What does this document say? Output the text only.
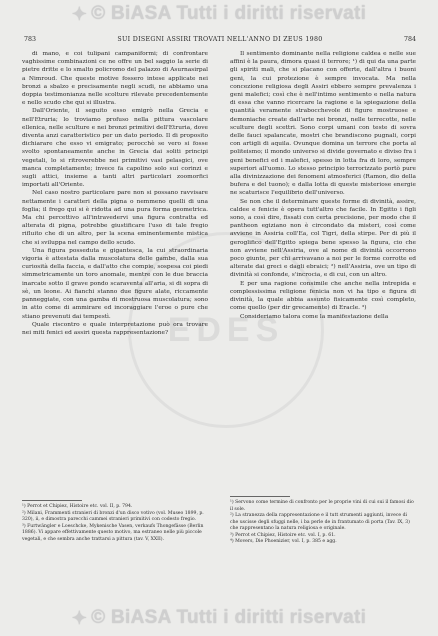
✦ © BiASA Tutti i diritti riservati
EDES
783	SUI DISEGNI ASSIRI TROVATI NELL'ANNO DI ZEUS 1980	784

di mano, e coi tulipani campaniformi; di confrontare vaghissime combinazioni ce ne offre un bel saggio la serie di pietre dritte e lo smalto policromo del palazzo di Asurnasirpal a Nimroud. Che queste motive fossero intese applicate nei bronzi a sbalzo e precisamente negli scudi, ne abbiamo una doppia testimonianza nelle scolture rilevate precedentemente e nello scudo che qui si illustra.

Dall'Oriente, il seguito esso emigrò nella Grecia e nell'Etruria; lo troviamo profuso nella pittura vascolare ellenica, nelle sculture e nei bronzi primitivi dell'Etruria, dove diventa anzi caratteristico per un dato periodo. Il di proposito dichiarare che esso vi emigrato; perocchè se vero si fosse svolto spontaneamente anche in Grecia dai soliti principi vegetali, lo si ritroverebbe nei primitivi vasi pelasgici, ove manca completamente; invece fa capolino solo sui corinzi e sugli attici, insieme a tanti altri particolari zoomorfici importati all'Oriente.

Nel caso nostro particolare pare non si possano ravvisare nettamente i caratteri della pigna o nemmeno quelli di una foglia; il frego qui si è ridotta ad una pura forma geometrica. Ma chi percettivo all'intravedervi una figura contratta ed alterata di pigna, potrebbe giustificare l'uso di tale fregio rifluito che di un altro, per la scena eminentemente mistica che si sviluppa nel campo dello scudo.

Una figura posseduta e gigantesca, la cui straordinaria vigoria è attestata dalla muscolatura delle gambe, dalla sua curiosità della faccia, e dall'atto che compie, sospesa coi piedi simmetricamente un toro anomale, mentre con le due braccia inarcate sotto il grave pondo scaraventa all'aria, si di sopra di sè, un leone. Ai fianchi stanno due figure alate, riccamente panneggiate, con una gamba di mostruosa muscolatura; sono in atto come di ammirare ed incoraggiare l'eroe o pure che stiano prevenuti dai tempestì.

Quale riscontro e quale interpretazione può ora trovare nei miti fenici ed assiri questa rappresentazione?

Il sentimento dominante nella religione caldea e nelle sue affini è la paura, dimora quasi il terrore; ¹) di qui da una parte gli spiriti mali, che si placano con offerte, dall'altra i buoni geni, la cui protezione è sempre invocata. Ma nella concezione religiosa degli Assiri ebbero sempre prevalenza i geni malefici; così che è nell'intimo sentimento e nella natura di essa che vanno ricercare la ragione e la spiegazione della quantità veramente strabocchevole di figure mostruose e demoniache create dall'arte nei bronzi, nelle terrecotte, nelle sculture degli scettri. Sono corpi umani con teste di sovra delle fauci spalancate, mostri che brandiscono pugnali, corpi con artigli di aquila. Ovunque domina un terrore che porta al politeismo; il mondo universo si divide governato e diviso fra i geni benefici ed i malefici, spesso in lotta fra di loro, sempre superiori all'uomo. Lo stesso principio terrorizzato portò pure alla divinizzazione dei fenomeni atmosferici (Ramon, dio della bufera e del tuono); e dalla lotta di queste misteriose energie ne scaturisce l'equilibrio dell'universo.

Se non che il determinare queste forme di divinità, assire, caldee e fenicie è opera tutt'altro che facile. In Egitto i figli sono, a così dire, fissati con certa precisione, per modo che il pantheon egiziano non è circondato da misteri, così come avviene in Assiria coll'Ea, col Tigri, della stirpe. Per di più il geroglifico dell'Egitto spiega bene spesso la figura, cio che non avviene nell'Assiria, ove al nome di divinità occorrono poco giunte, per chi arrivavano a noi per le forme corrotte ed alterate dai greci e dagli ebraici; ²) nell'Assiria, ove un tipo di divinità si confonde, s'incrocia, e di cui, con un altro.

E per una ragione consimile che anche nella intrepida e complessissima religione fenicia non vi ha tipo e figura di divinità, la quale abbia assunto fisicamente così completo, come quello (per dir grecamente) di Eracle. ³)

Consideriamo talora come la manifestazione della

¹) Perrot et Chipiez, Histoire etc. vol. II, p. 794.
²) Milani, Frammenti stranieri di bronzi d'un disco votivo (vol. Museo 1899, p. 320), ii, e dimostra parecchi cammei stranieri primitivi con codesto fregio.
³) Furtwängler e Loeschcke, Mykenische Vasen, verkaufs Thongefässe (Berlin 1886). Vi appare effettivamente questo motivo, ma estraneo nelle più piccole vegetali, e che sembra anche trattarsi a pittura (tav. V, XXII).
¹) Servono come termine di confronto per le proprie vini di cui sui il famosi dio il sole.
²) La stranezza della rappresentazione e il tutt strumenti aggiunti, invece di che uscisse degli sfuggi nelle, i ba perle de in frantumato di porta (Tav. IX, 3) che rappresentano la natura religiosa e originale.
³) Perrot et Chipiez, Histoire etc. vol. I, p. 61.
⁴) Movers, Die Phoenizier, vol. I, p. 385 e agg.
✦ © BiASA Tutti i diritti riservati
